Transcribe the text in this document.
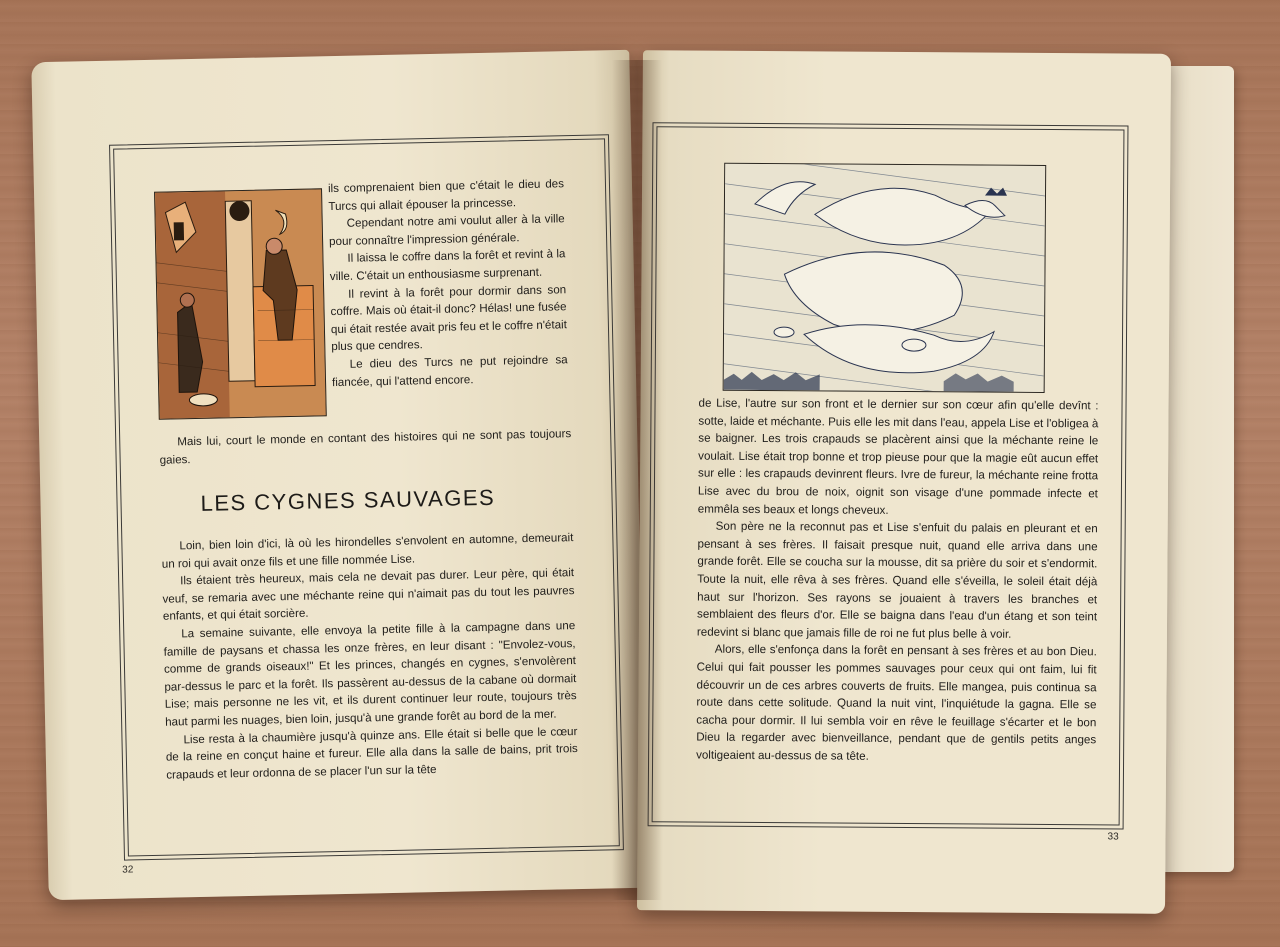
ils comprenaient bien que c'était le dieu des Turcs qui allait épouser la princesse.

Cependant notre ami voulut aller à la ville pour connaître l'impression générale.

Il laissa le coffre dans la forêt et revint à la ville. C'était un enthousiasme surprenant.

Il revint à la forêt pour dormir dans son coffre. Mais où était-il donc? Hélas! une fusée qui était restée avait pris feu et le coffre n'était plus que cendres.

Le dieu des Turcs ne put rejoindre sa fiancée, qui l'attend encore.

Mais lui, court le monde en contant des histoires qui ne sont pas toujours gaies.

LES CYGNES SAUVAGES

Loin, bien loin d'ici, là où les hirondelles s'envolent en automne, demeurait un roi qui avait onze fils et une fille nommée Lise.

Ils étaient très heureux, mais cela ne devait pas durer. Leur père, qui était veuf, se remaria avec une méchante reine qui n'aimait pas du tout les pauvres enfants, et qui était sorcière.

La semaine suivante, elle envoya la petite fille à la campagne dans une famille de paysans et chassa les onze frères, en leur disant : "Envolez-vous, comme de grands oiseaux!" Et les princes, changés en cygnes, s'envolèrent par-dessus le parc et la forêt. Ils passèrent au-dessus de la cabane où dormait Lise; mais personne ne les vit, et ils durent continuer leur route, toujours très haut parmi les nuages, bien loin, jusqu'à une grande forêt au bord de la mer.

Lise resta à la chaumière jusqu'à quinze ans. Elle était si belle que le cœur de la reine en conçut haine et fureur. Elle alla dans la salle de bains, prit trois crapauds et leur ordonna de se placer l'un sur la tête

32

de Lise, l'autre sur son front et le dernier sur son cœur afin qu'elle devînt : sotte, laide et méchante. Puis elle les mit dans l'eau, appela Lise et l'obligea à se baigner. Les trois crapauds se placèrent ainsi que la méchante reine le voulait. Lise était trop bonne et trop pieuse pour que la magie eût aucun effet sur elle : les crapauds devinrent fleurs. Ivre de fureur, la méchante reine frotta Lise avec du brou de noix, oignit son visage d'une pommade infecte et emmêla ses beaux et longs cheveux.

Son père ne la reconnut pas et Lise s'enfuit du palais en pleurant et en pensant à ses frères. Il faisait presque nuit, quand elle arriva dans une grande forêt. Elle se coucha sur la mousse, dit sa prière du soir et s'endormit. Toute la nuit, elle rêva à ses frères. Quand elle s'éveilla, le soleil était déjà haut sur l'horizon. Ses rayons se jouaient à travers les branches et semblaient des fleurs d'or. Elle se baigna dans l'eau d'un étang et son teint redevint si blanc que jamais fille de roi ne fut plus belle à voir.

Alors, elle s'enfonça dans la forêt en pensant à ses frères et au bon Dieu. Celui qui fait pousser les pommes sauvages pour ceux qui ont faim, lui fit découvrir un de ces arbres couverts de fruits. Elle mangea, puis continua sa route dans cette solitude. Quand la nuit vint, l'inquiétude la gagna. Elle se cacha pour dormir. Il lui sembla voir en rêve le feuillage s'écarter et le bon Dieu la regarder avec bienveillance, pendant que de gentils petits anges voltigeaient au-dessus de sa tête.

33
